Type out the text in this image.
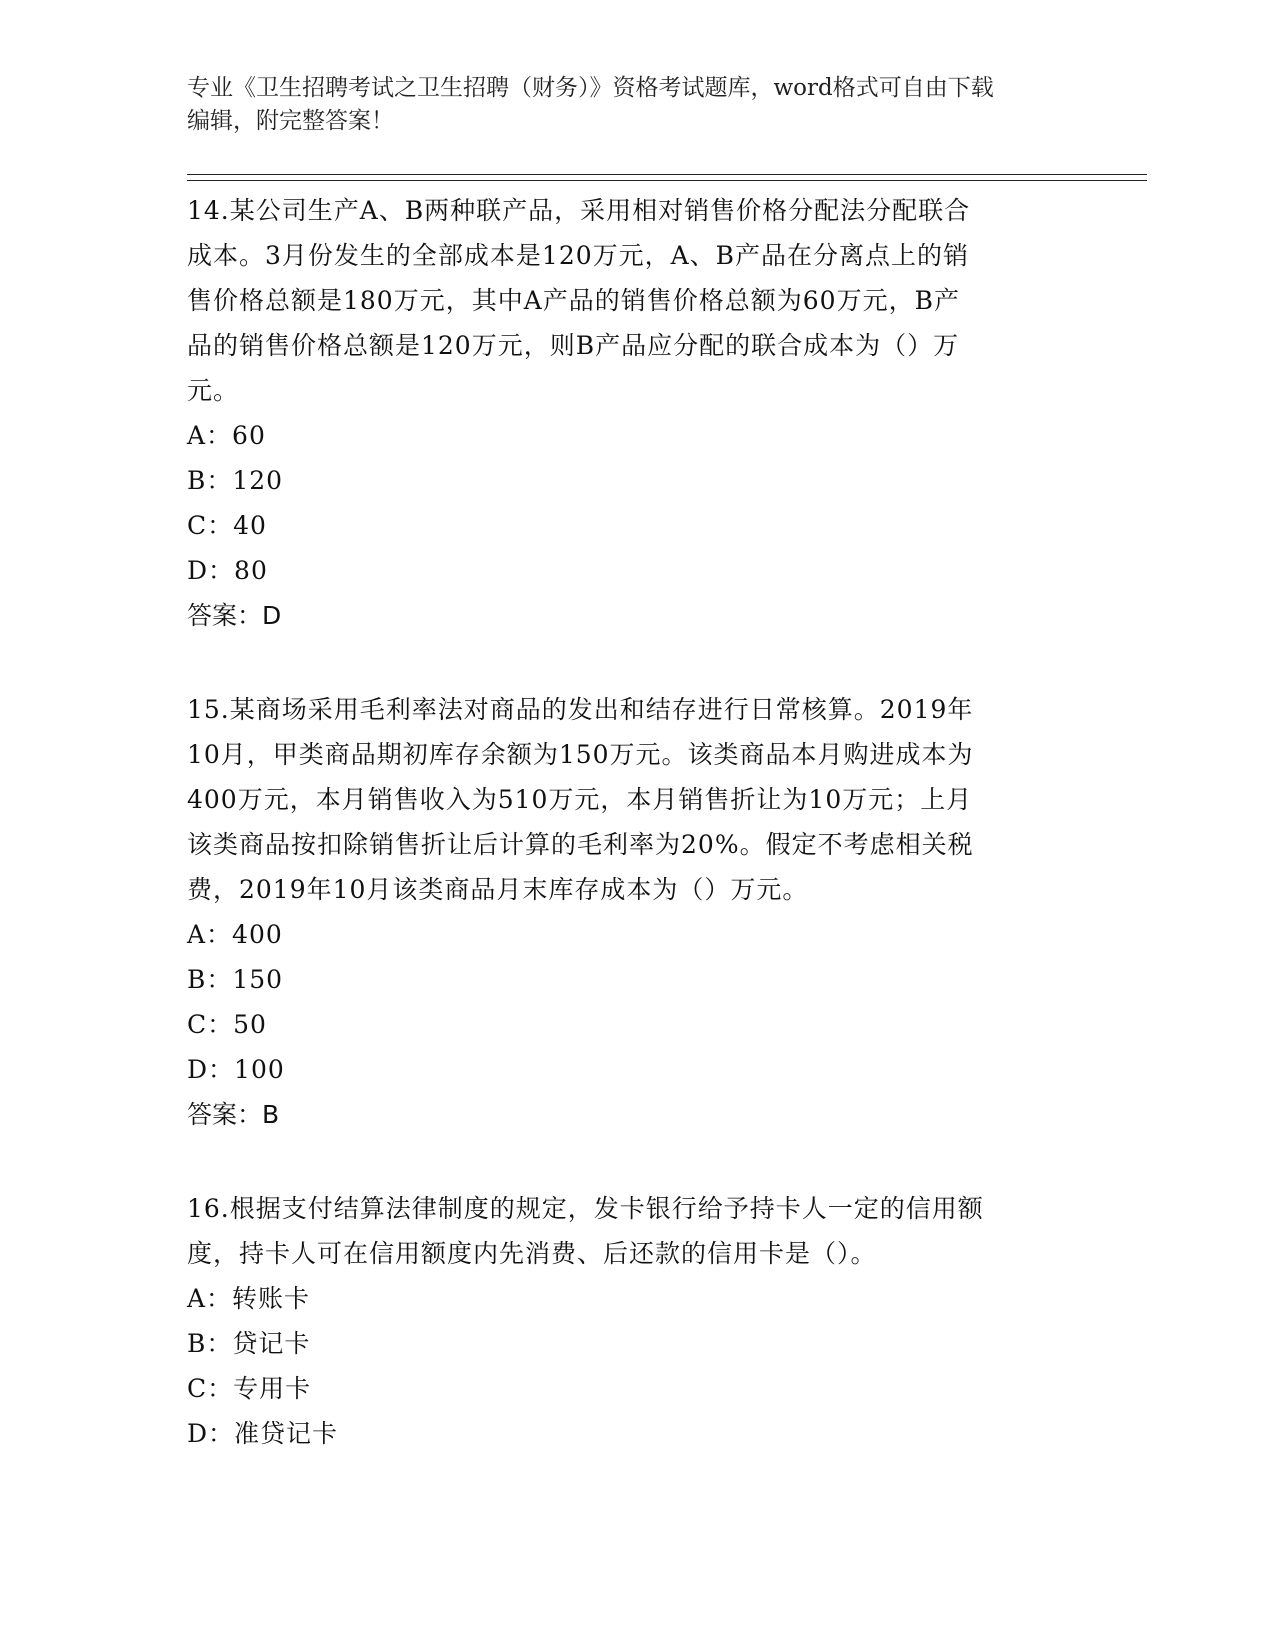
专业《卫生招聘考试之卫生招聘（财务）》资格考试题库，word格式可自由下载
编辑，附完整答案！
14.某公司生产A、B两种联产品，采用相对销售价格分配法分配联合
成本。3月份发生的全部成本是120万元，A、B产品在分离点上的销
售价格总额是180万元，其中A产品的销售价格总额为60万元，B产
品的销售价格总额是120万元，则B产品应分配的联合成本为（）万
元。
A：60
B：120
C：40
D：80
答案：D
15.某商场采用毛利率法对商品的发出和结存进行日常核算。2019年
10月，甲类商品期初库存余额为150万元。该类商品本月购进成本为
400万元，本月销售收入为510万元，本月销售折让为10万元；上月
该类商品按扣除销售折让后计算的毛利率为20%。假定不考虑相关税
费，2019年10月该类商品月末库存成本为（）万元。
A：400
B：150
C：50
D：100
答案：B
16.根据支付结算法律制度的规定，发卡银行给予持卡人一定的信用额
度，持卡人可在信用额度内先消费、后还款的信用卡是（）。
A：转账卡
B：贷记卡
C：专用卡
D：准贷记卡
